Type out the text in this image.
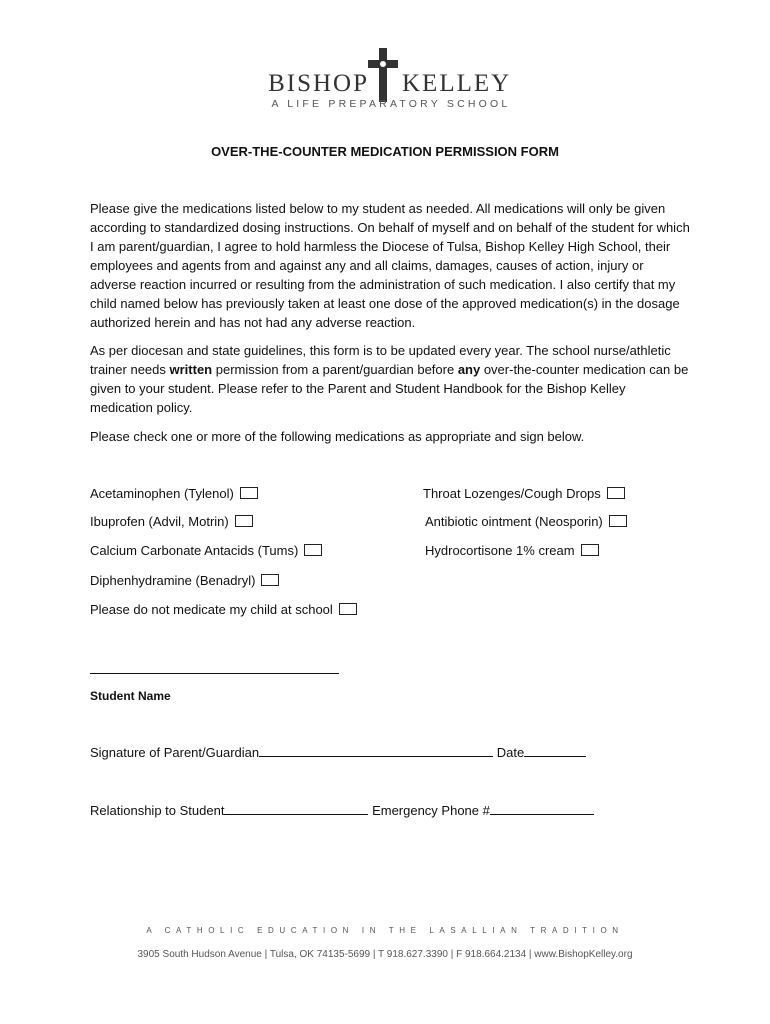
BISHOP KELLEY
A LIFE PREPARATORY SCHOOL
OVER-THE-COUNTER MEDICATION PERMISSION FORM
Please give the medications listed below to my student as needed. All medications will only be given according to standardized dosing instructions. On behalf of myself and on behalf of the student for which I am parent/guardian, I agree to hold harmless the Diocese of Tulsa, Bishop Kelley High School, their employees and agents from and against any and all claims, damages, causes of action, injury or adverse reaction incurred or resulting from the administration of such medication. I also certify that my child named below has previously taken at least one dose of the approved medication(s) in the dosage authorized herein and has not had any adverse reaction.
As per diocesan and state guidelines, this form is to be updated every year. The school nurse/athletic trainer needs written permission from a parent/guardian before any over-the-counter medication can be given to your student. Please refer to the Parent and Student Handbook for the Bishop Kelley medication policy.
Please check one or more of the following medications as appropriate and sign below.
Acetaminophen (Tylenol)
Ibuprofen (Advil, Motrin)
Calcium Carbonate Antacids (Tums)
Diphenhydramine (Benadryl)
Please do not medicate my child at school
Throat Lozenges/Cough Drops
Antibiotic ointment (Neosporin)
Hydrocortisone 1% cream
Student Name
Signature of Parent/Guardian	Date
Relationship to Student	Emergency Phone #
A CATHOLIC EDUCATION IN THE LASALLIAN TRADITION
3905 South Hudson Avenue | Tulsa, OK 74135-5699 | T 918.627.3390 | F 918.664.2134 | www.BishopKelley.org
